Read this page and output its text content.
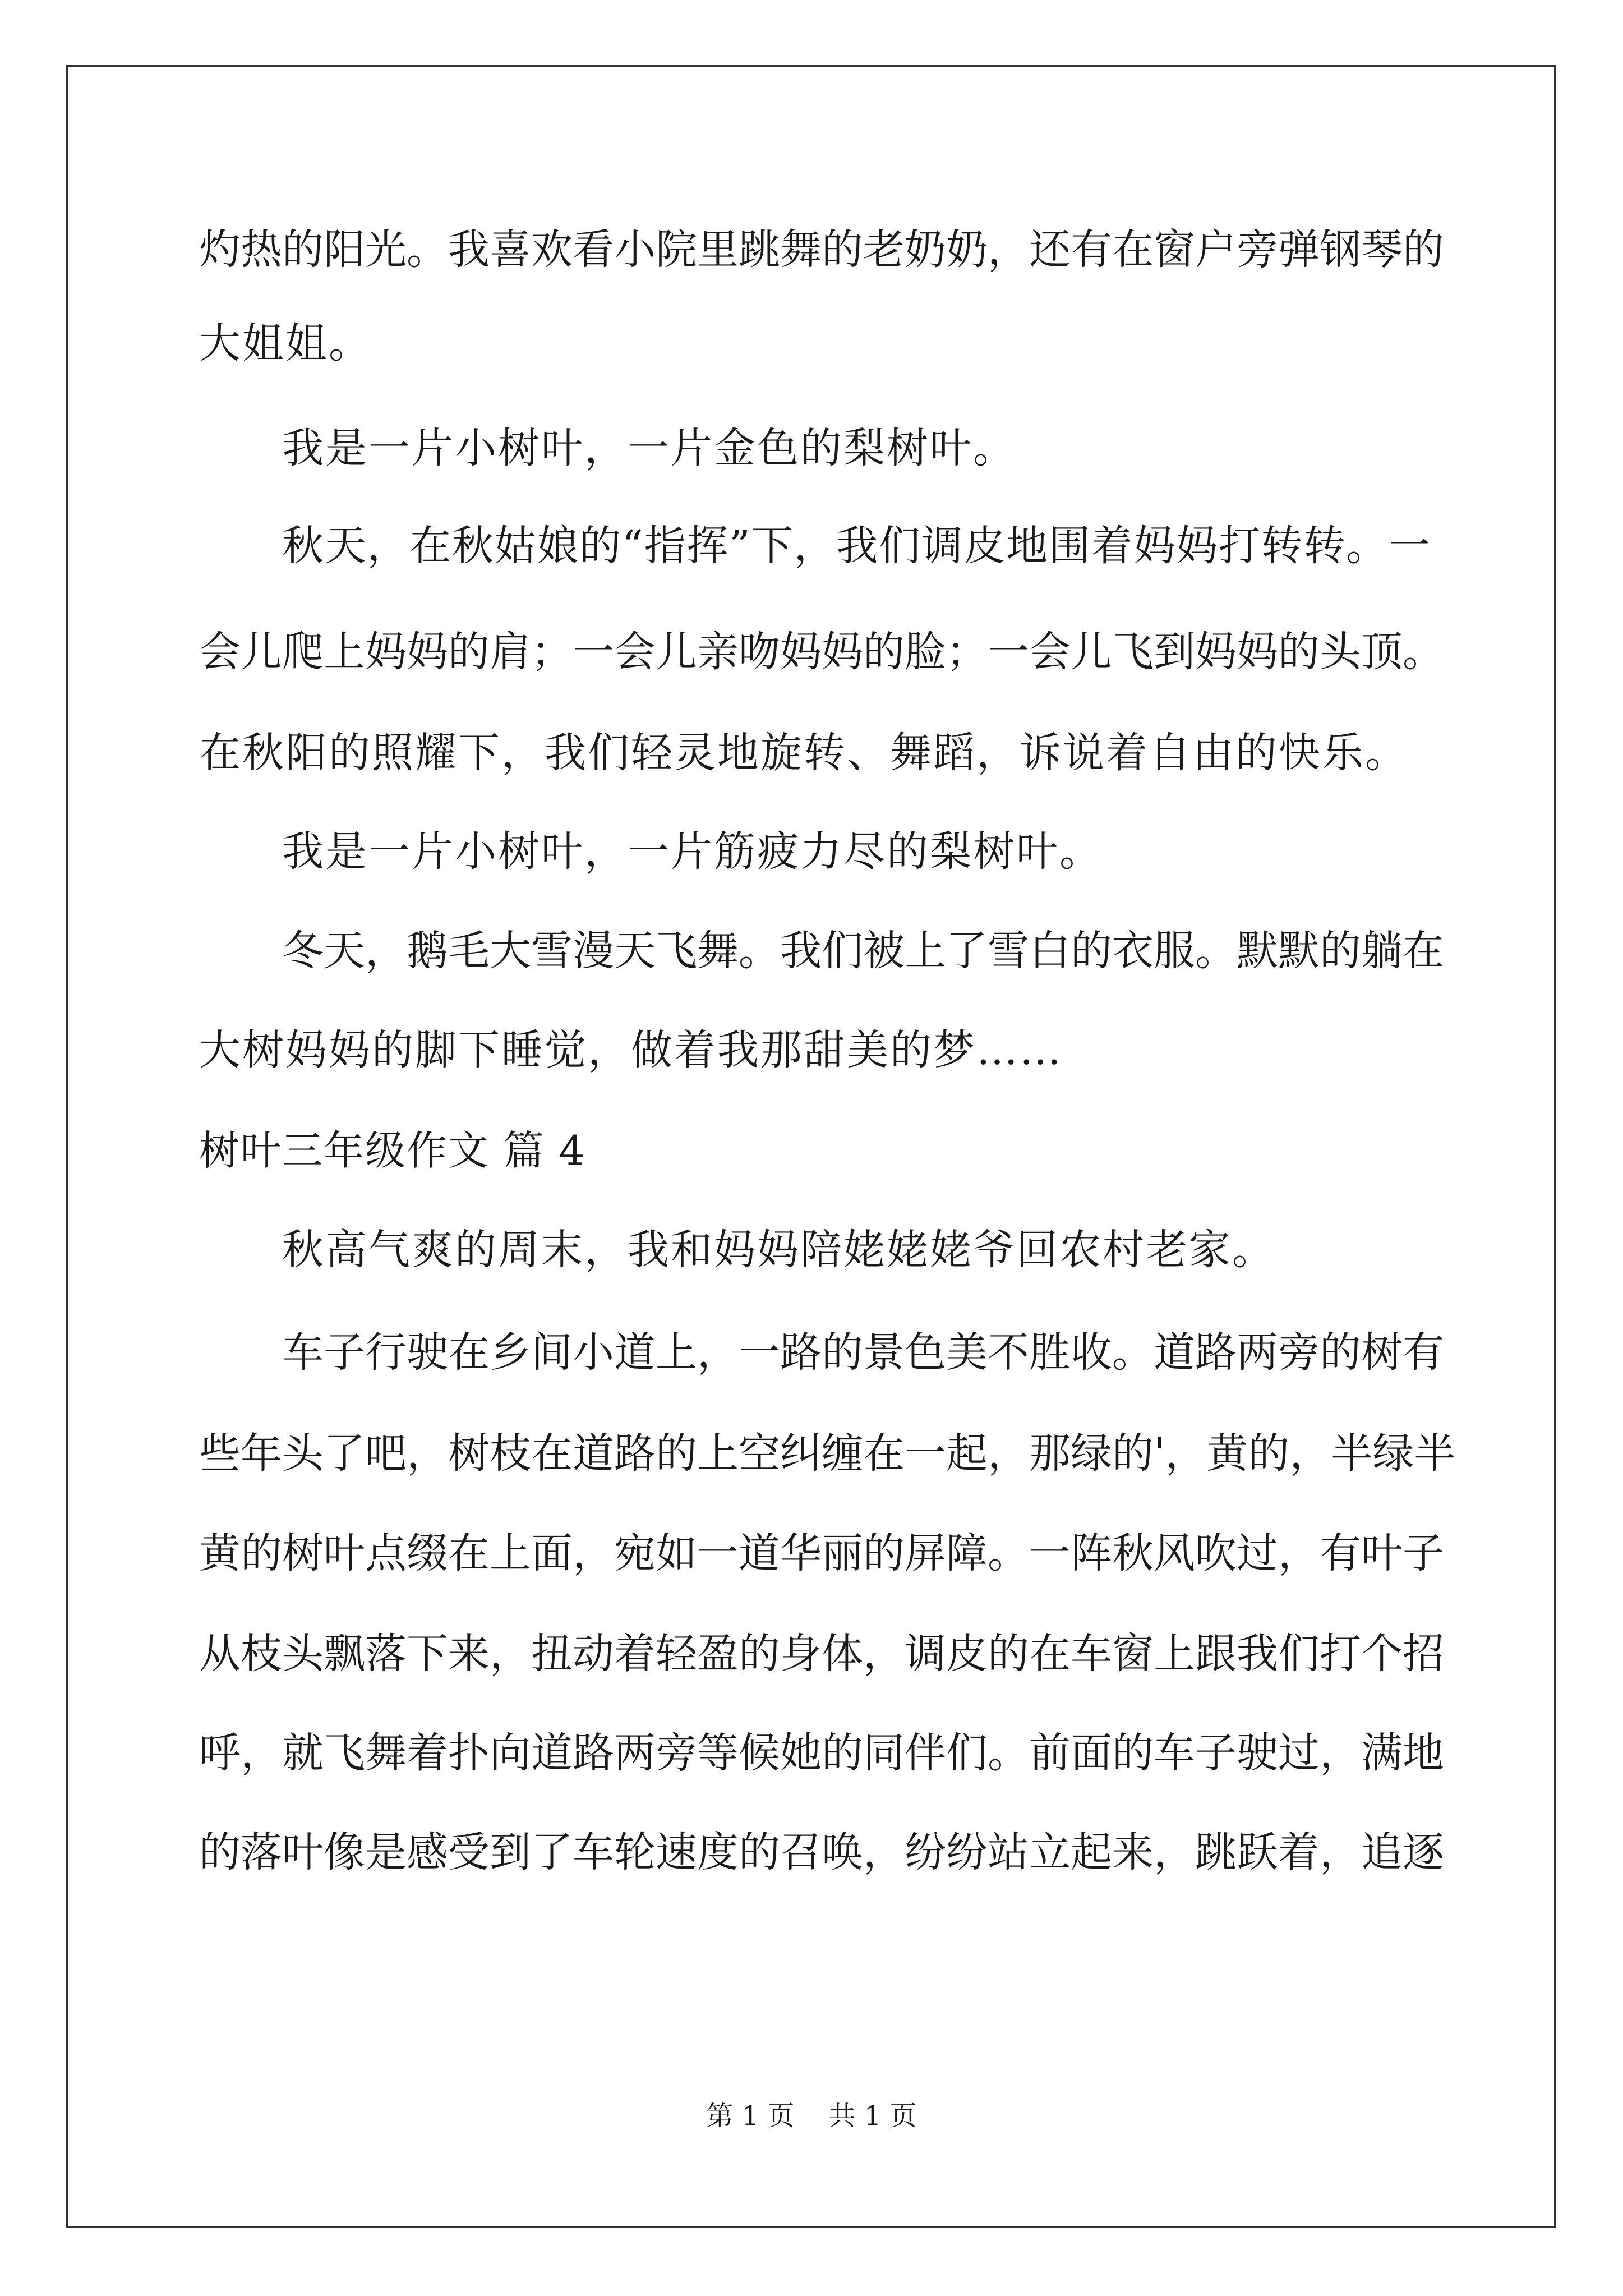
灼热的阳光。我喜欢看小院里跳舞的老奶奶，还有在窗户旁弹钢琴的
大姐姐。
我是一片小树叶，一片金色的梨树叶。
秋天，在秋姑娘的“指挥”下，我们调皮地围着妈妈打转转。一
会儿爬上妈妈的肩；一会儿亲吻妈妈的脸；一会儿飞到妈妈的头顶。
在秋阳的照耀下，我们轻灵地旋转、舞蹈，诉说着自由的快乐。
我是一片小树叶，一片筋疲力尽的梨树叶。
冬天，鹅毛大雪漫天飞舞。我们被上了雪白的衣服。默默的躺在
大树妈妈的脚下睡觉，做着我那甜美的梦……
树叶三年级作文 篇 4
秋高气爽的周末，我和妈妈陪姥姥姥爷回农村老家。
车子行驶在乡间小道上，一路的景色美不胜收。道路两旁的树有
些年头了吧，树枝在道路的上空纠缠在一起，那绿的'，黄的，半绿半
黄的树叶点缀在上面，宛如一道华丽的屏障。一阵秋风吹过，有叶子
从枝头飘落下来，扭动着轻盈的身体，调皮的在车窗上跟我们打个招
呼，就飞舞着扑向道路两旁等候她的同伴们。前面的车子驶过，满地
的落叶像是感受到了车轮速度的召唤，纷纷站立起来，跳跃着，追逐
第 1 页    共 1 页
